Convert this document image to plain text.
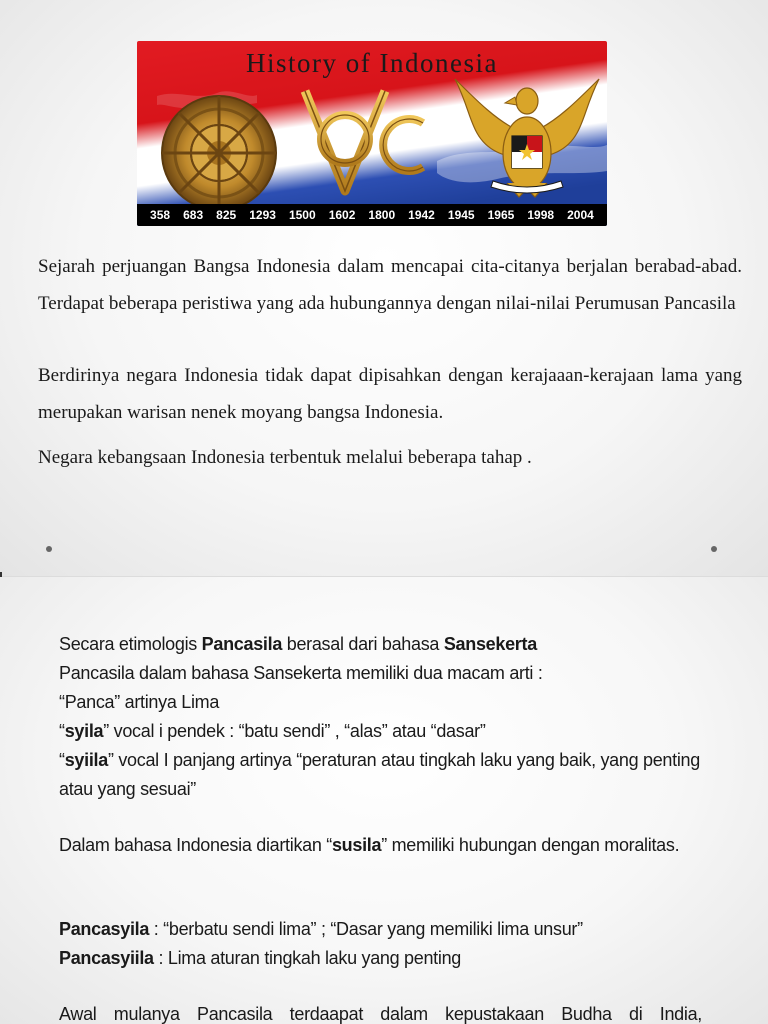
History of Indonesia
358 683 825 1293 1500 1602 1800 1942 1945 1965 1998 2004

Sejarah perjuangan Bangsa Indonesia dalam mencapai cita-citanya berjalan berabad-abad. Terdapat beberapa peristiwa yang ada hubungannya dengan nilai-nilai Perumusan Pancasila

Berdirinya negara Indonesia tidak dapat dipisahkan dengan kerajaaan-kerajaan lama yang merupakan warisan nenek moyang bangsa Indonesia.

Negara kebangsaan Indonesia terbentuk melalui beberapa tahap .

Secara etimologis Pancasila berasal dari bahasa Sansekerta

Pancasila dalam bahasa Sansekerta memiliki dua macam arti :

“Panca” artinya Lima

“syila” vocal i pendek : “batu sendi” , “alas” atau “dasar”

“syiila” vocal I panjang artinya “peraturan atau tingkah laku yang baik, yang penting atau yang sesuai”

Dalam bahasa Indonesia diartikan “susila” memiliki hubungan dengan moralitas.

Pancasyila : “berbatu sendi lima” ; “Dasar yang memiliki lima unsur”

Pancasyiila : Lima aturan tingkah laku yang penting

Awal mulanya Pancasila terdaapat dalam kepustakaan Budha di India,
